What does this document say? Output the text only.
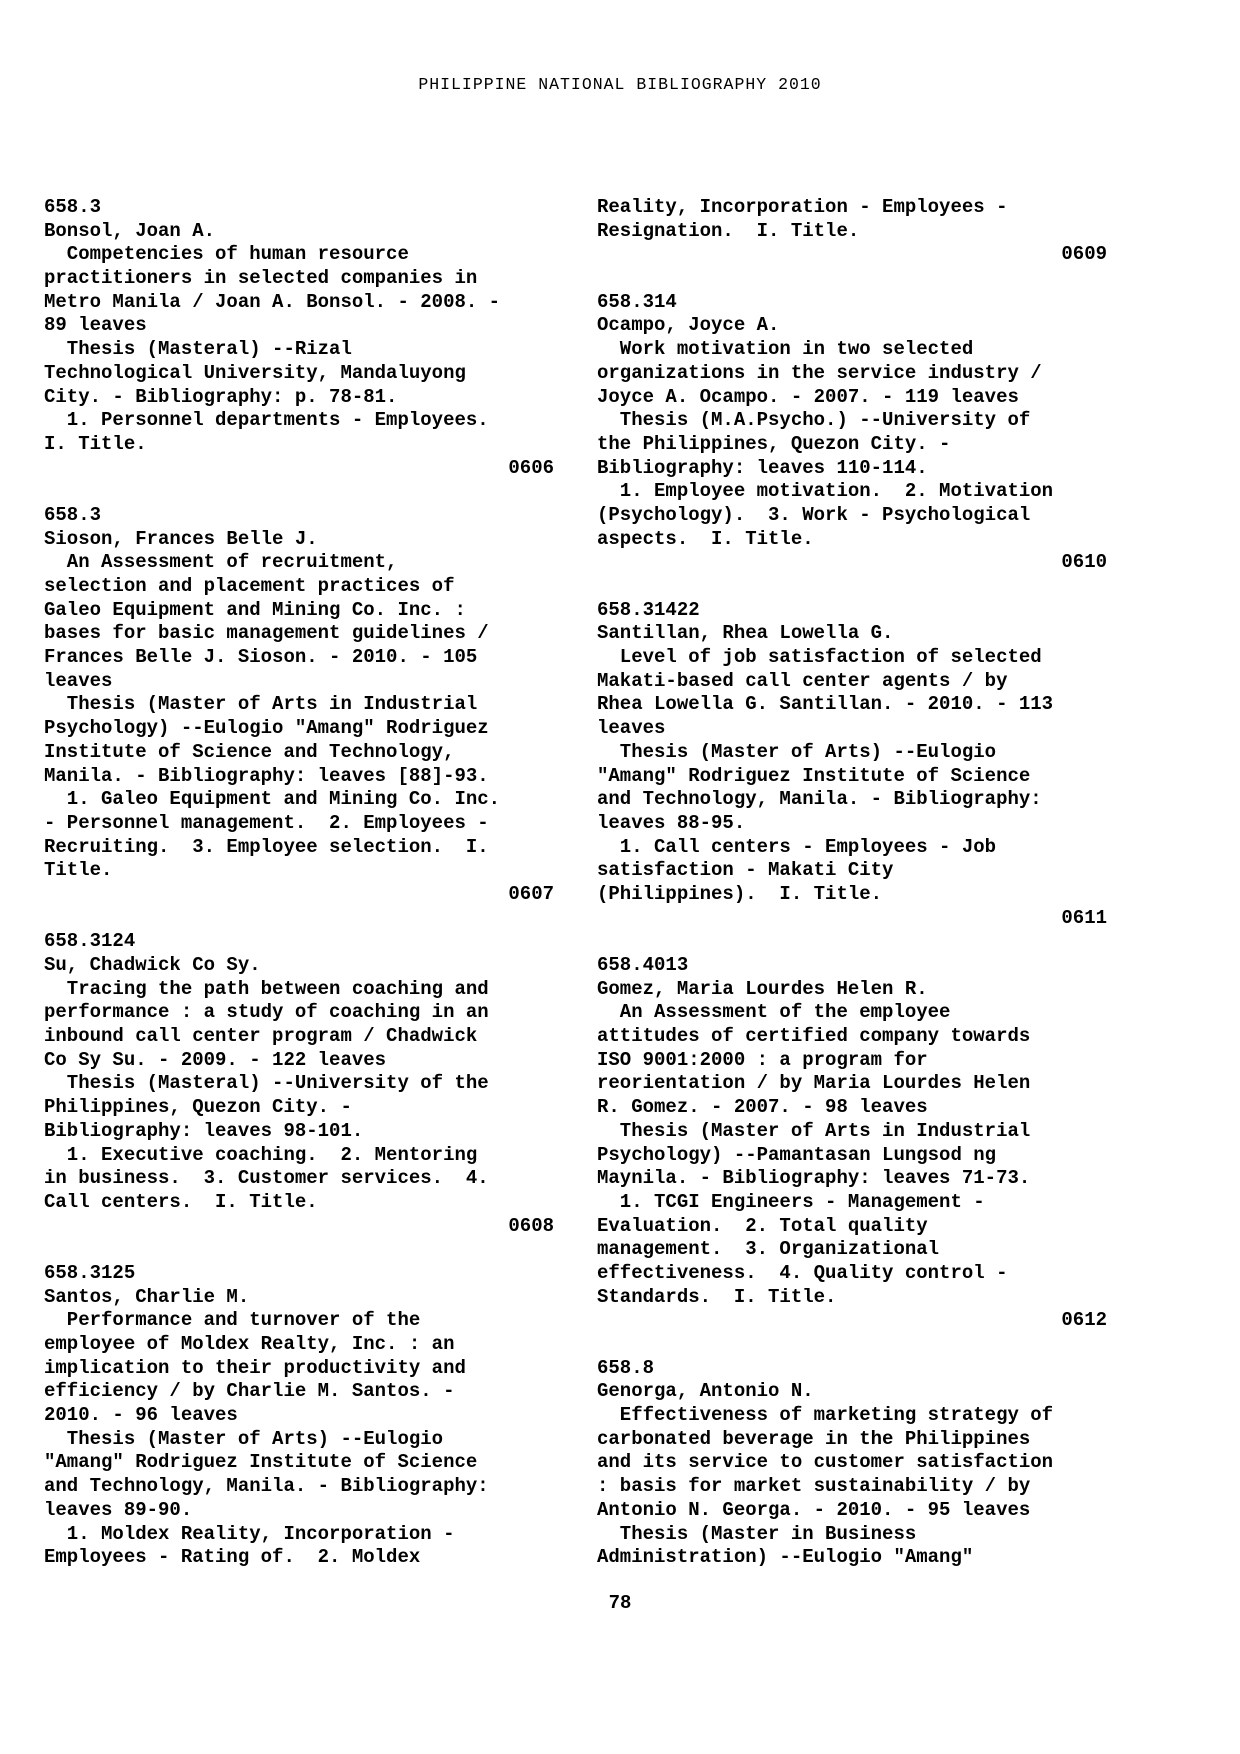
PHILIPPINE NATIONAL BIBLIOGRAPHY 2010
658.3
Bonsol, Joan A.
Competencies of human resource
practitioners in selected companies in
Metro Manila / Joan A. Bonsol. - 2008. -
89 leaves
Thesis (Masteral) --Rizal
Technological University, Mandaluyong
City. - Bibliography: p. 78-81.
1. Personnel departments - Employees.
I. Title.
0606
658.3
Sioson, Frances Belle J.
An Assessment of recruitment,
selection and placement practices of
Galeo Equipment and Mining Co. Inc. :
bases for basic management guidelines /
Frances Belle J. Sioson. - 2010. - 105
leaves
Thesis (Master of Arts in Industrial
Psychology) --Eulogio "Amang" Rodriguez
Institute of Science and Technology,
Manila. - Bibliography: leaves [88]-93.
1. Galeo Equipment and Mining Co. Inc.
- Personnel management.  2. Employees -
Recruiting.  3. Employee selection.  I.
Title.
0607
658.3124
Su, Chadwick Co Sy.
Tracing the path between coaching and
performance : a study of coaching in an
inbound call center program / Chadwick
Co Sy Su. - 2009. - 122 leaves
Thesis (Masteral) --University of the
Philippines, Quezon City. -
Bibliography: leaves 98-101.
1. Executive coaching.  2. Mentoring
in business.  3. Customer services.  4.
Call centers.  I. Title.
0608
658.3125
Santos, Charlie M.
Performance and turnover of the
employee of Moldex Realty, Inc. : an
implication to their productivity and
efficiency / by Charlie M. Santos. -
2010. - 96 leaves
Thesis (Master of Arts) --Eulogio
"Amang" Rodriguez Institute of Science
and Technology, Manila. - Bibliography:
leaves 89-90.
1. Moldex Reality, Incorporation -
Employees - Rating of.  2. Moldex
Reality, Incorporation - Employees -
Resignation.  I. Title.
0609
658.314
Ocampo, Joyce A.
Work motivation in two selected
organizations in the service industry /
Joyce A. Ocampo. - 2007. - 119 leaves
Thesis (M.A.Psycho.) --University of
the Philippines, Quezon City. -
Bibliography: leaves 110-114.
1. Employee motivation.  2. Motivation
(Psychology).  3. Work - Psychological
aspects.  I. Title.
0610
658.31422
Santillan, Rhea Lowella G.
Level of job satisfaction of selected
Makati-based call center agents / by
Rhea Lowella G. Santillan. - 2010. - 113
leaves
Thesis (Master of Arts) --Eulogio
"Amang" Rodriguez Institute of Science
and Technology, Manila. - Bibliography:
leaves 88-95.
1. Call centers - Employees - Job
satisfaction - Makati City
(Philippines).  I. Title.
0611
658.4013
Gomez, Maria Lourdes Helen R.
An Assessment of the employee
attitudes of certified company towards
ISO 9001:2000 : a program for
reorientation / by Maria Lourdes Helen
R. Gomez. - 2007. - 98 leaves
Thesis (Master of Arts in Industrial
Psychology) --Pamantasan Lungsod ng
Maynila. - Bibliography: leaves 71-73.
1. TCGI Engineers - Management -
Evaluation.  2. Total quality
management.  3. Organizational
effectiveness.  4. Quality control -
Standards.  I. Title.
0612
658.8
Genorga, Antonio N.
Effectiveness of marketing strategy of
carbonated beverage in the Philippines
and its service to customer satisfaction
: basis for market sustainability / by
Antonio N. Georga. - 2010. - 95 leaves
Thesis (Master in Business
Administration) --Eulogio "Amang"
78
